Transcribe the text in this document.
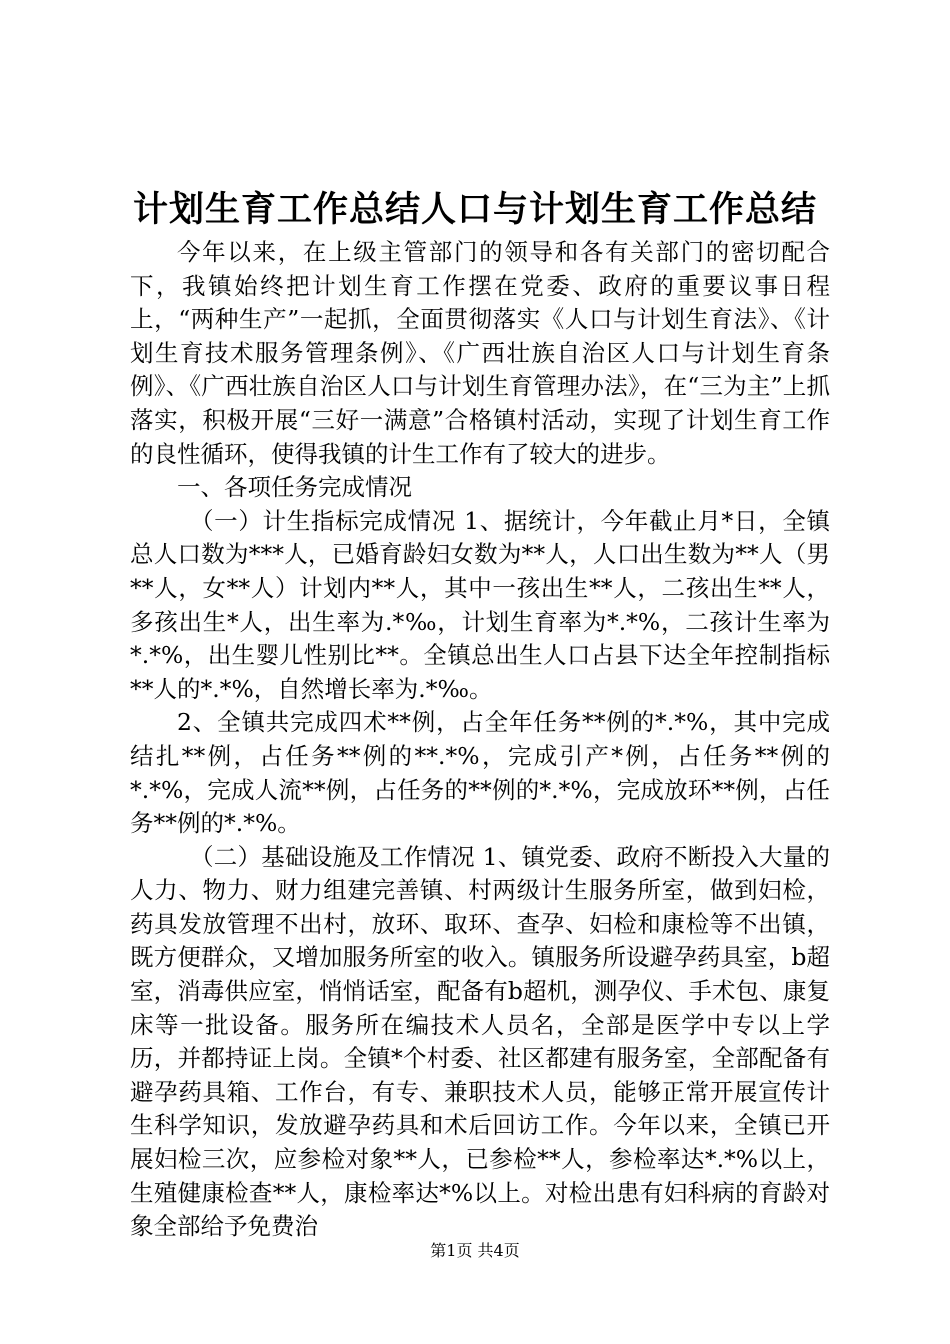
计划生育工作总结人口与计划生育工作总结

今年以来，在上级主管部门的领导和各有关部门的密切配合下，我镇始终把计划生育工作摆在党委、政府的重要议事日程上，“两种生产”一起抓，全面贯彻落实《人口与计划生育法》、《计划生育技术服务管理条例》、《广西壮族自治区人口与计划生育条例》、《广西壮族自治区人口与计划生育管理办法》，在“三为主”上抓落实，积极开展“三好一满意”合格镇村活动，实现了计划生育工作的良性循环，使得我镇的计生工作有了较大的进步。

一、各项任务完成情况

（一）计生指标完成情况 1、据统计，今年截止月*日，全镇总人口数为***人，已婚育龄妇女数为**人，人口出生数为**人（男**人，女**人）计划内**人，其中一孩出生**人，二孩出生**人，多孩出生*人，出生率为.*‰，计划生育率为*.*%，二孩计生率为*.*%，出生婴儿性别比**。全镇总出生人口占县下达全年控制指标**人的*.*%，自然增长率为.*‰。

2、全镇共完成四术**例，占全年任务**例的*.*%，其中完成结扎**例，占任务**例的**.*%，完成引产*例，占任务**例的*.*%，完成人流**例，占任务的**例的*.*%，完成放环**例，占任务**例的*.*%。

（二）基础设施及工作情况 1、镇党委、政府不断投入大量的人力、物力、财力组建完善镇、村两级计生服务所室，做到妇检，药具发放管理不出村，放环、取环、查孕、妇检和康检等不出镇，既方便群众，又增加服务所室的收入。镇服务所设避孕药具室，b超室，消毒供应室，悄悄话室，配备有b超机，测孕仪、手术包、康复床等一批设备。服务所在编技术人员名，全部是医学中专以上学历，并都持证上岗。全镇*个村委、社区都建有服务室，全部配备有避孕药具箱、工作台，有专、兼职技术人员，能够正常开展宣传计生科学知识，发放避孕药具和术后回访工作。今年以来，全镇已开展妇检三次，应参检对象**人，已参检**人，参检率达*.*%以上，生殖健康检查**人，康检率达*%以上。对检出患有妇科病的育龄对象全部给予免费治

第1页 共4页
